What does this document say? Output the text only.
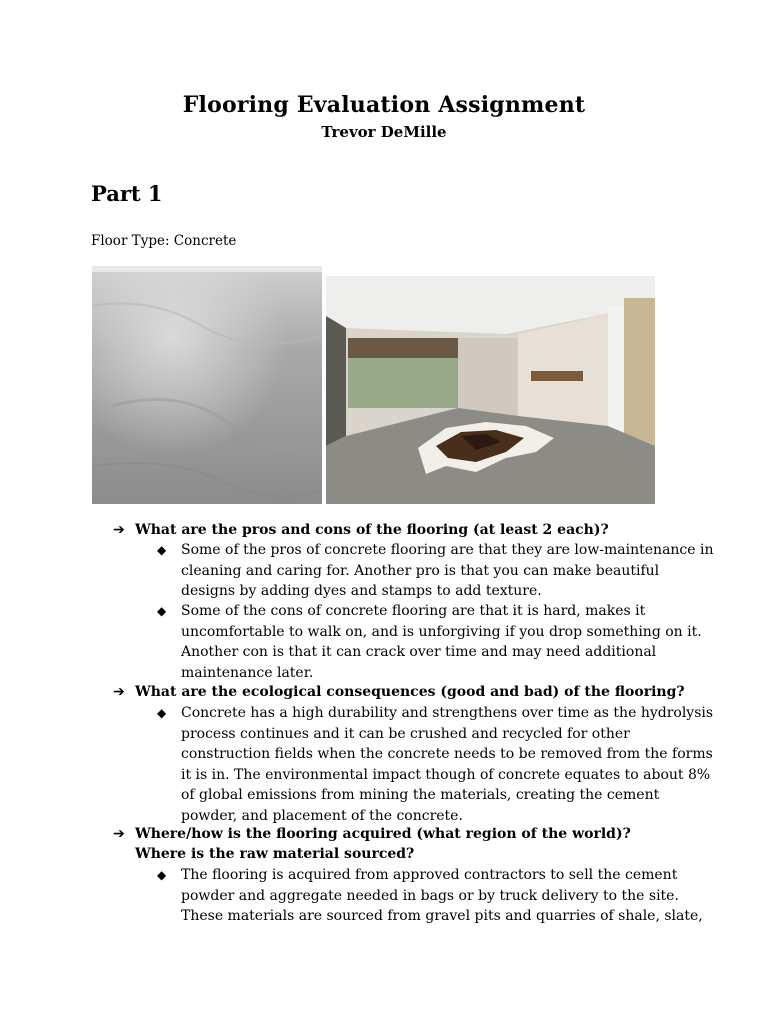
Flooring Evaluation Assignment
Trevor DeMille
Part 1
Floor Type: Concrete
➔ What are the pros and cons of the flooring (at least 2 each)?
◆	Some of the pros of concrete flooring are that they are low-maintenance in
cleaning and caring for. Another pro is that you can make beautiful
designs by adding dyes and stamps to add texture.
◆	Some of the cons of concrete flooring are that it is hard, makes it
uncomfortable to walk on, and is unforgiving if you drop something on it.
Another con is that it can crack over time and may need additional
maintenance later.
➔ What are the ecological consequences (good and bad) of the flooring?
◆	Concrete has a high durability and strengthens over time as the hydrolysis
process continues and it can be crushed and recycled for other
construction fields when the concrete needs to be removed from the forms
it is in. The environmental impact though of concrete equates to about 8%
of global emissions from mining the materials, creating the cement
powder, and placement of the concrete.
➔ Where/how is the flooring acquired (what region of the world)?
Where is the raw material sourced?
◆	The flooring is acquired from approved contractors to sell the cement
powder and aggregate needed in bags or by truck delivery to the site.
These materials are sourced from gravel pits and quarries of shale, slate,
